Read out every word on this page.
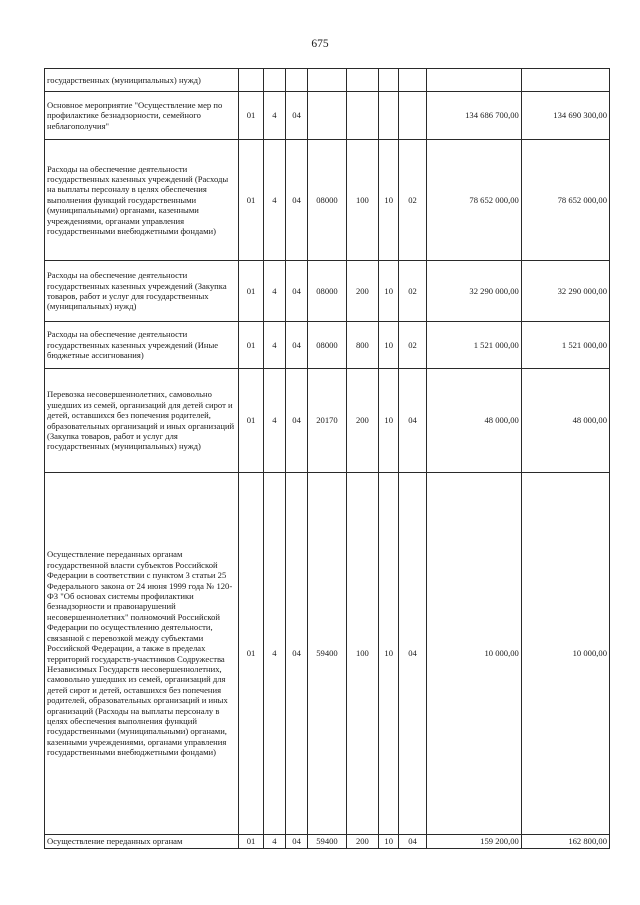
675
государственных (муниципальных) нужд)									
Основное мероприятие "Осуществление мер по профилактике безнадзорности, семейного неблагополучия"	01	4	04					134 686 700,00	134 690 300,00
Расходы на обеспечение деятельности государственных казенных учреждений (Расходы на выплаты персоналу в целях обеспечения выполнения функций государственными (муниципальными) органами, казенными учреждениями, органами управления государственными внебюджетными фондами)	01	4	04	08000	100	10	02	78 652 000,00	78 652 000,00
Расходы на обеспечение деятельности государственных казенных учреждений (Закупка товаров, работ и услуг для государственных (муниципальных) нужд)	01	4	04	08000	200	10	02	32 290 000,00	32 290 000,00
Расходы на обеспечение деятельности государственных казенных учреждений (Иные бюджетные ассигнования)	01	4	04	08000	800	10	02	1 521 000,00	1 521 000,00
Перевозка несовершеннолетних, самовольно ушедших из семей, организаций для детей сирот и детей, оставшихся без попечения родителей, образовательных организаций и иных организаций (Закупка товаров, работ и услуг для государственных (муниципальных) нужд)	01	4	04	20170	200	10	04	48 000,00	48 000,00
Осуществление переданных органам государственной власти субъектов Российской Федерации в соответствии с пунктом 3 статьи 25 Федерального закона от 24 июня 1999 года № 120-ФЗ "Об основах системы профилактики безнадзорности и правонарушений несовершеннолетних" полномочий Российской Федерации по осуществлению деятельности, связанной с перевозкой между субъектами Российской Федерации, а также в пределах территорий государств-участников Содружества Независимых Государств несовершеннолетних, самовольно ушедших из семей, организаций для детей сирот и детей, оставшихся без попечения родителей, образовательных организаций и иных организаций (Расходы на выплаты персоналу в целях обеспечения выполнения функций государственными (муниципальными) органами, казенными учреждениями, органами управления государственными внебюджетными фондами)	01	4	04	59400	100	10	04	10 000,00	10 000,00
Осуществление переданных органам	01	4	04	59400	200	10	04	159 200,00	162 800,00
